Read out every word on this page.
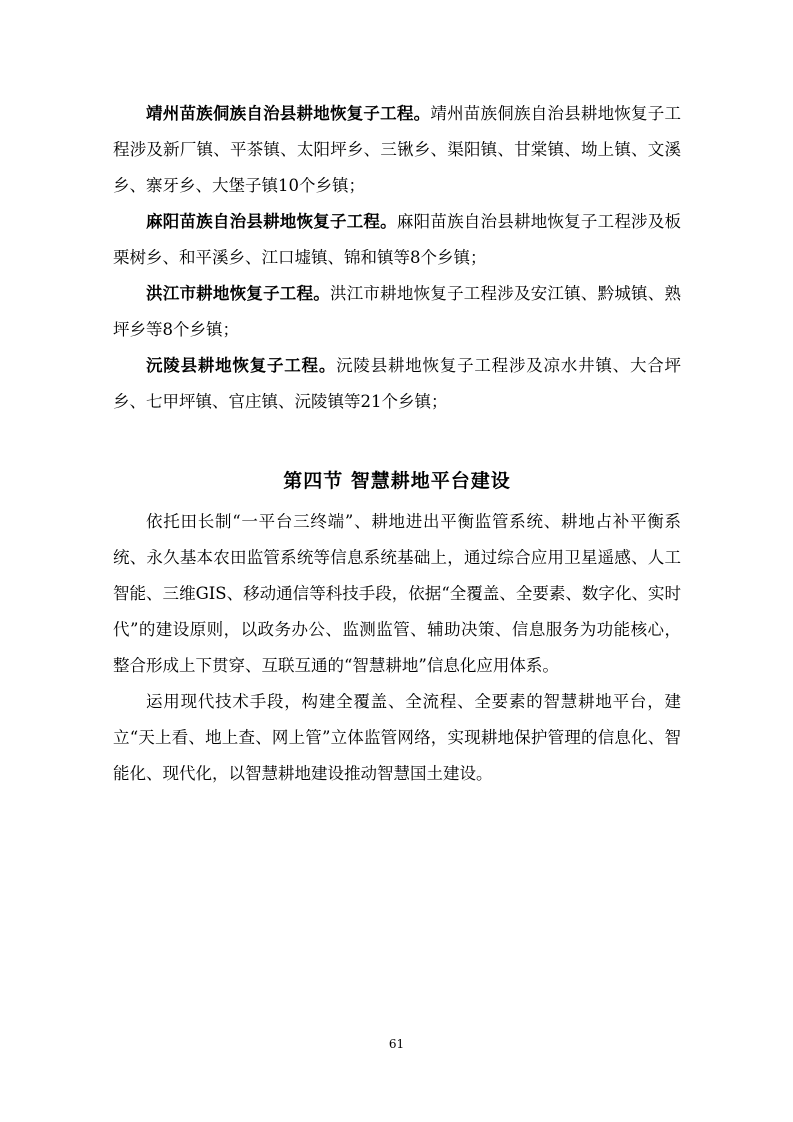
靖州苗族侗族自治县耕地恢复子工程。靖州苗族侗族自治县耕地恢复子工程涉及新厂镇、平茶镇、太阳坪乡、三锹乡、渠阳镇、甘棠镇、坳上镇、文溪乡、寨牙乡、大堡子镇10个乡镇；

麻阳苗族自治县耕地恢复子工程。麻阳苗族自治县耕地恢复子工程涉及板栗树乡、和平溪乡、江口墟镇、锦和镇等8个乡镇；

洪江市耕地恢复子工程。洪江市耕地恢复子工程涉及安江镇、黔城镇、熟坪乡等8个乡镇；

沅陵县耕地恢复子工程。沅陵县耕地恢复子工程涉及凉水井镇、大合坪乡、七甲坪镇、官庄镇、沅陵镇等21个乡镇；

第四节 智慧耕地平台建设

依托田长制“一平台三终端”、耕地进出平衡监管系统、耕地占补平衡系统、永久基本农田监管系统等信息系统基础上，通过综合应用卫星遥感、人工智能、三维GIS、移动通信等科技手段，依据“全覆盖、全要素、数字化、实时代”的建设原则，以政务办公、监测监管、辅助决策、信息服务为功能核心，整合形成上下贯穿、互联互通的“智慧耕地”信息化应用体系。

运用现代技术手段，构建全覆盖、全流程、全要素的智慧耕地平台，建立“天上看、地上查、网上管”立体监管网络，实现耕地保护管理的信息化、智能化、现代化，以智慧耕地建设推动智慧国土建设。

61
